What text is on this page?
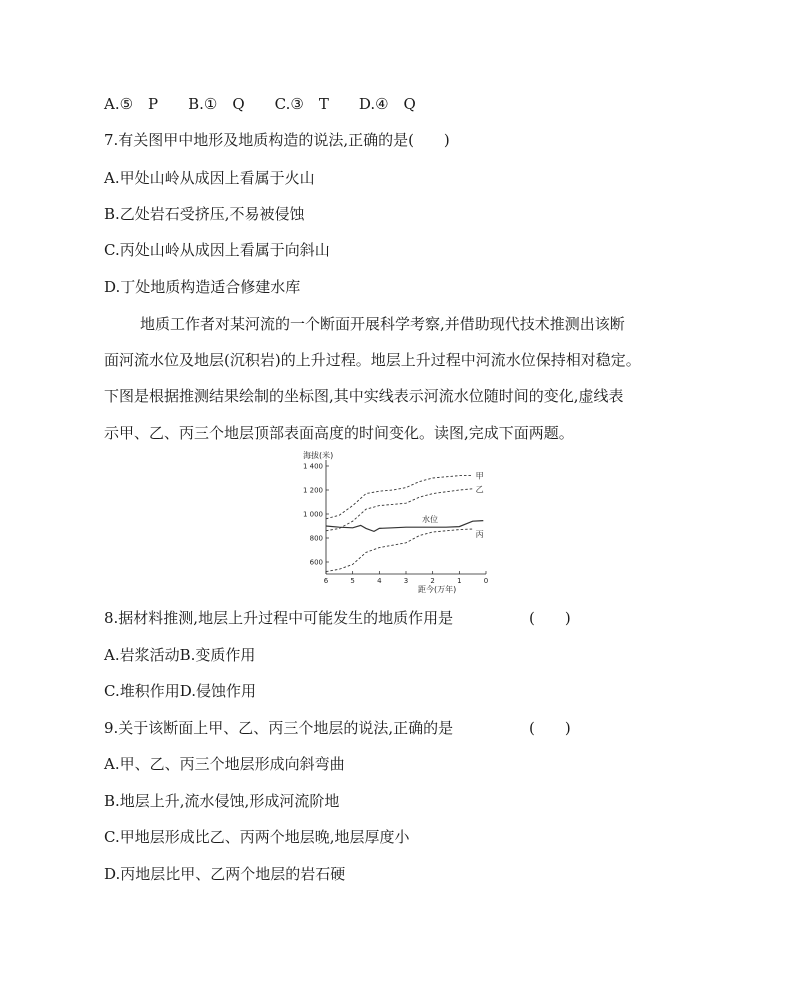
A.⑤　P　　B.①　Q　　C.③　T　　D.④　Q
7.有关图甲中地形及地质构造的说法,正确的是(　　)
A.甲处山岭从成因上看属于火山
B.乙处岩石受挤压,不易被侵蚀
C.丙处山岭从成因上看属于向斜山
D.丁处地质构造适合修建水库
地质工作者对某河流的一个断面开展科学考察,并借助现代技术推测出该断
面河流水位及地层(沉积岩)的上升过程。地层上升过程中河流水位保持相对稳定。
下图是根据推测结果绘制的坐标图,其中实线表示河流水位随时间的变化,虚线表
示甲、乙、丙三个地层顶部表面高度的时间变化。读图,完成下面两题。
海拔(米)
距今(万年)
1 400
1 200
1 000
800
600
6	5	4	3	2	1	0
甲
乙
丙
水位
8.据材料推测,地层上升过程中可能发生的地质作用是	(　　)
A.岩浆活动B.变质作用
C.堆积作用D.侵蚀作用
9.关于该断面上甲、乙、丙三个地层的说法,正确的是	(　　)
A.甲、乙、丙三个地层形成向斜弯曲
B.地层上升,流水侵蚀,形成河流阶地
C.甲地层形成比乙、丙两个地层晚,地层厚度小
D.丙地层比甲、乙两个地层的岩石硬
